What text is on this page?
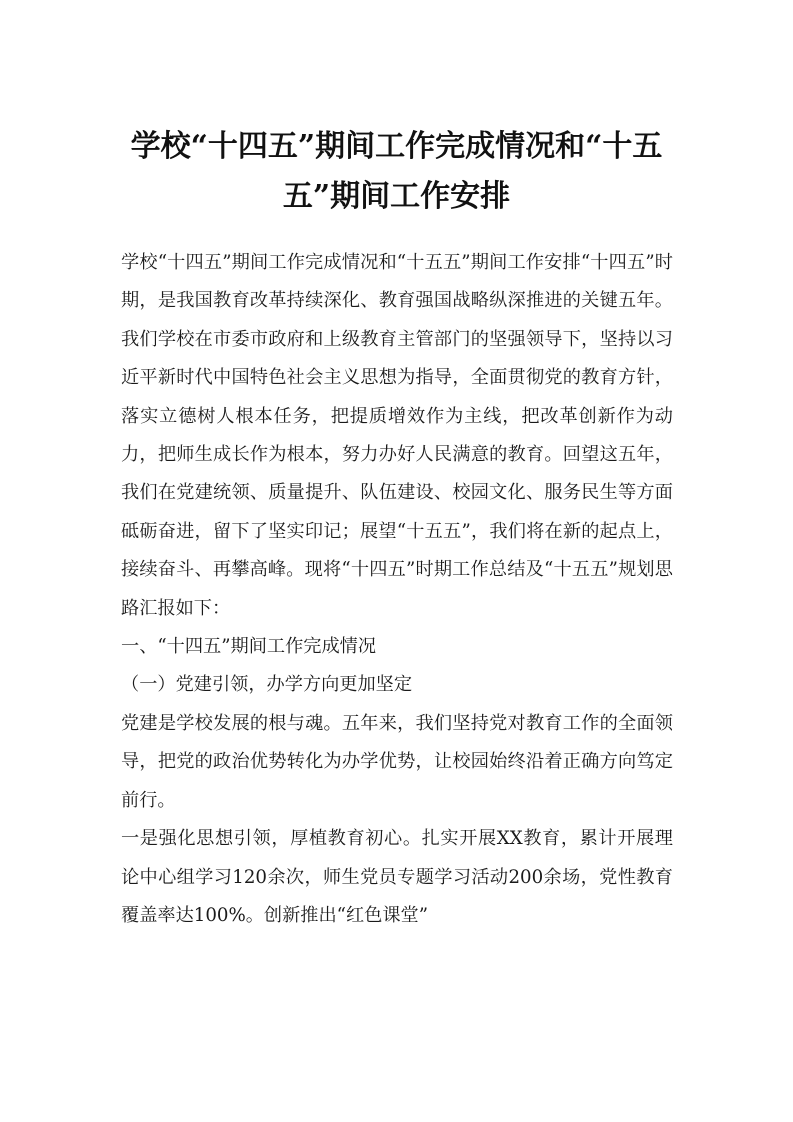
学校“十四五”期间工作完成情况和“十五
五”期间工作安排

学校“十四五”期间工作完成情况和“十五五”期间工作安排“十四五”时期，是我国教育改革持续深化、教育强国战略纵深推进的关键五年。我们学校在市委市政府和上级教育主管部门的坚强领导下，坚持以习近平新时代中国特色社会主义思想为指导，全面贯彻党的教育方针，落实立德树人根本任务，把提质增效作为主线，把改革创新作为动力，把师生成长作为根本，努力办好人民满意的教育。回望这五年，我们在党建统领、质量提升、队伍建设、校园文化、服务民生等方面砥砺奋进，留下了坚实印记；展望“十五五”，我们将在新的起点上，接续奋斗、再攀高峰。现将“十四五”时期工作总结及“十五五”规划思路汇报如下：

一、“十四五”期间工作完成情况

（一）党建引领，办学方向更加坚定

党建是学校发展的根与魂。五年来，我们坚持党对教育工作的全面领导，把党的政治优势转化为办学优势，让校园始终沿着正确方向笃定前行。

一是强化思想引领，厚植教育初心。扎实开展XX教育，累计开展理论中心组学习120余次，师生党员专题学习活动200余场，党性教育覆盖率达100%。创新推出“红色课堂”
